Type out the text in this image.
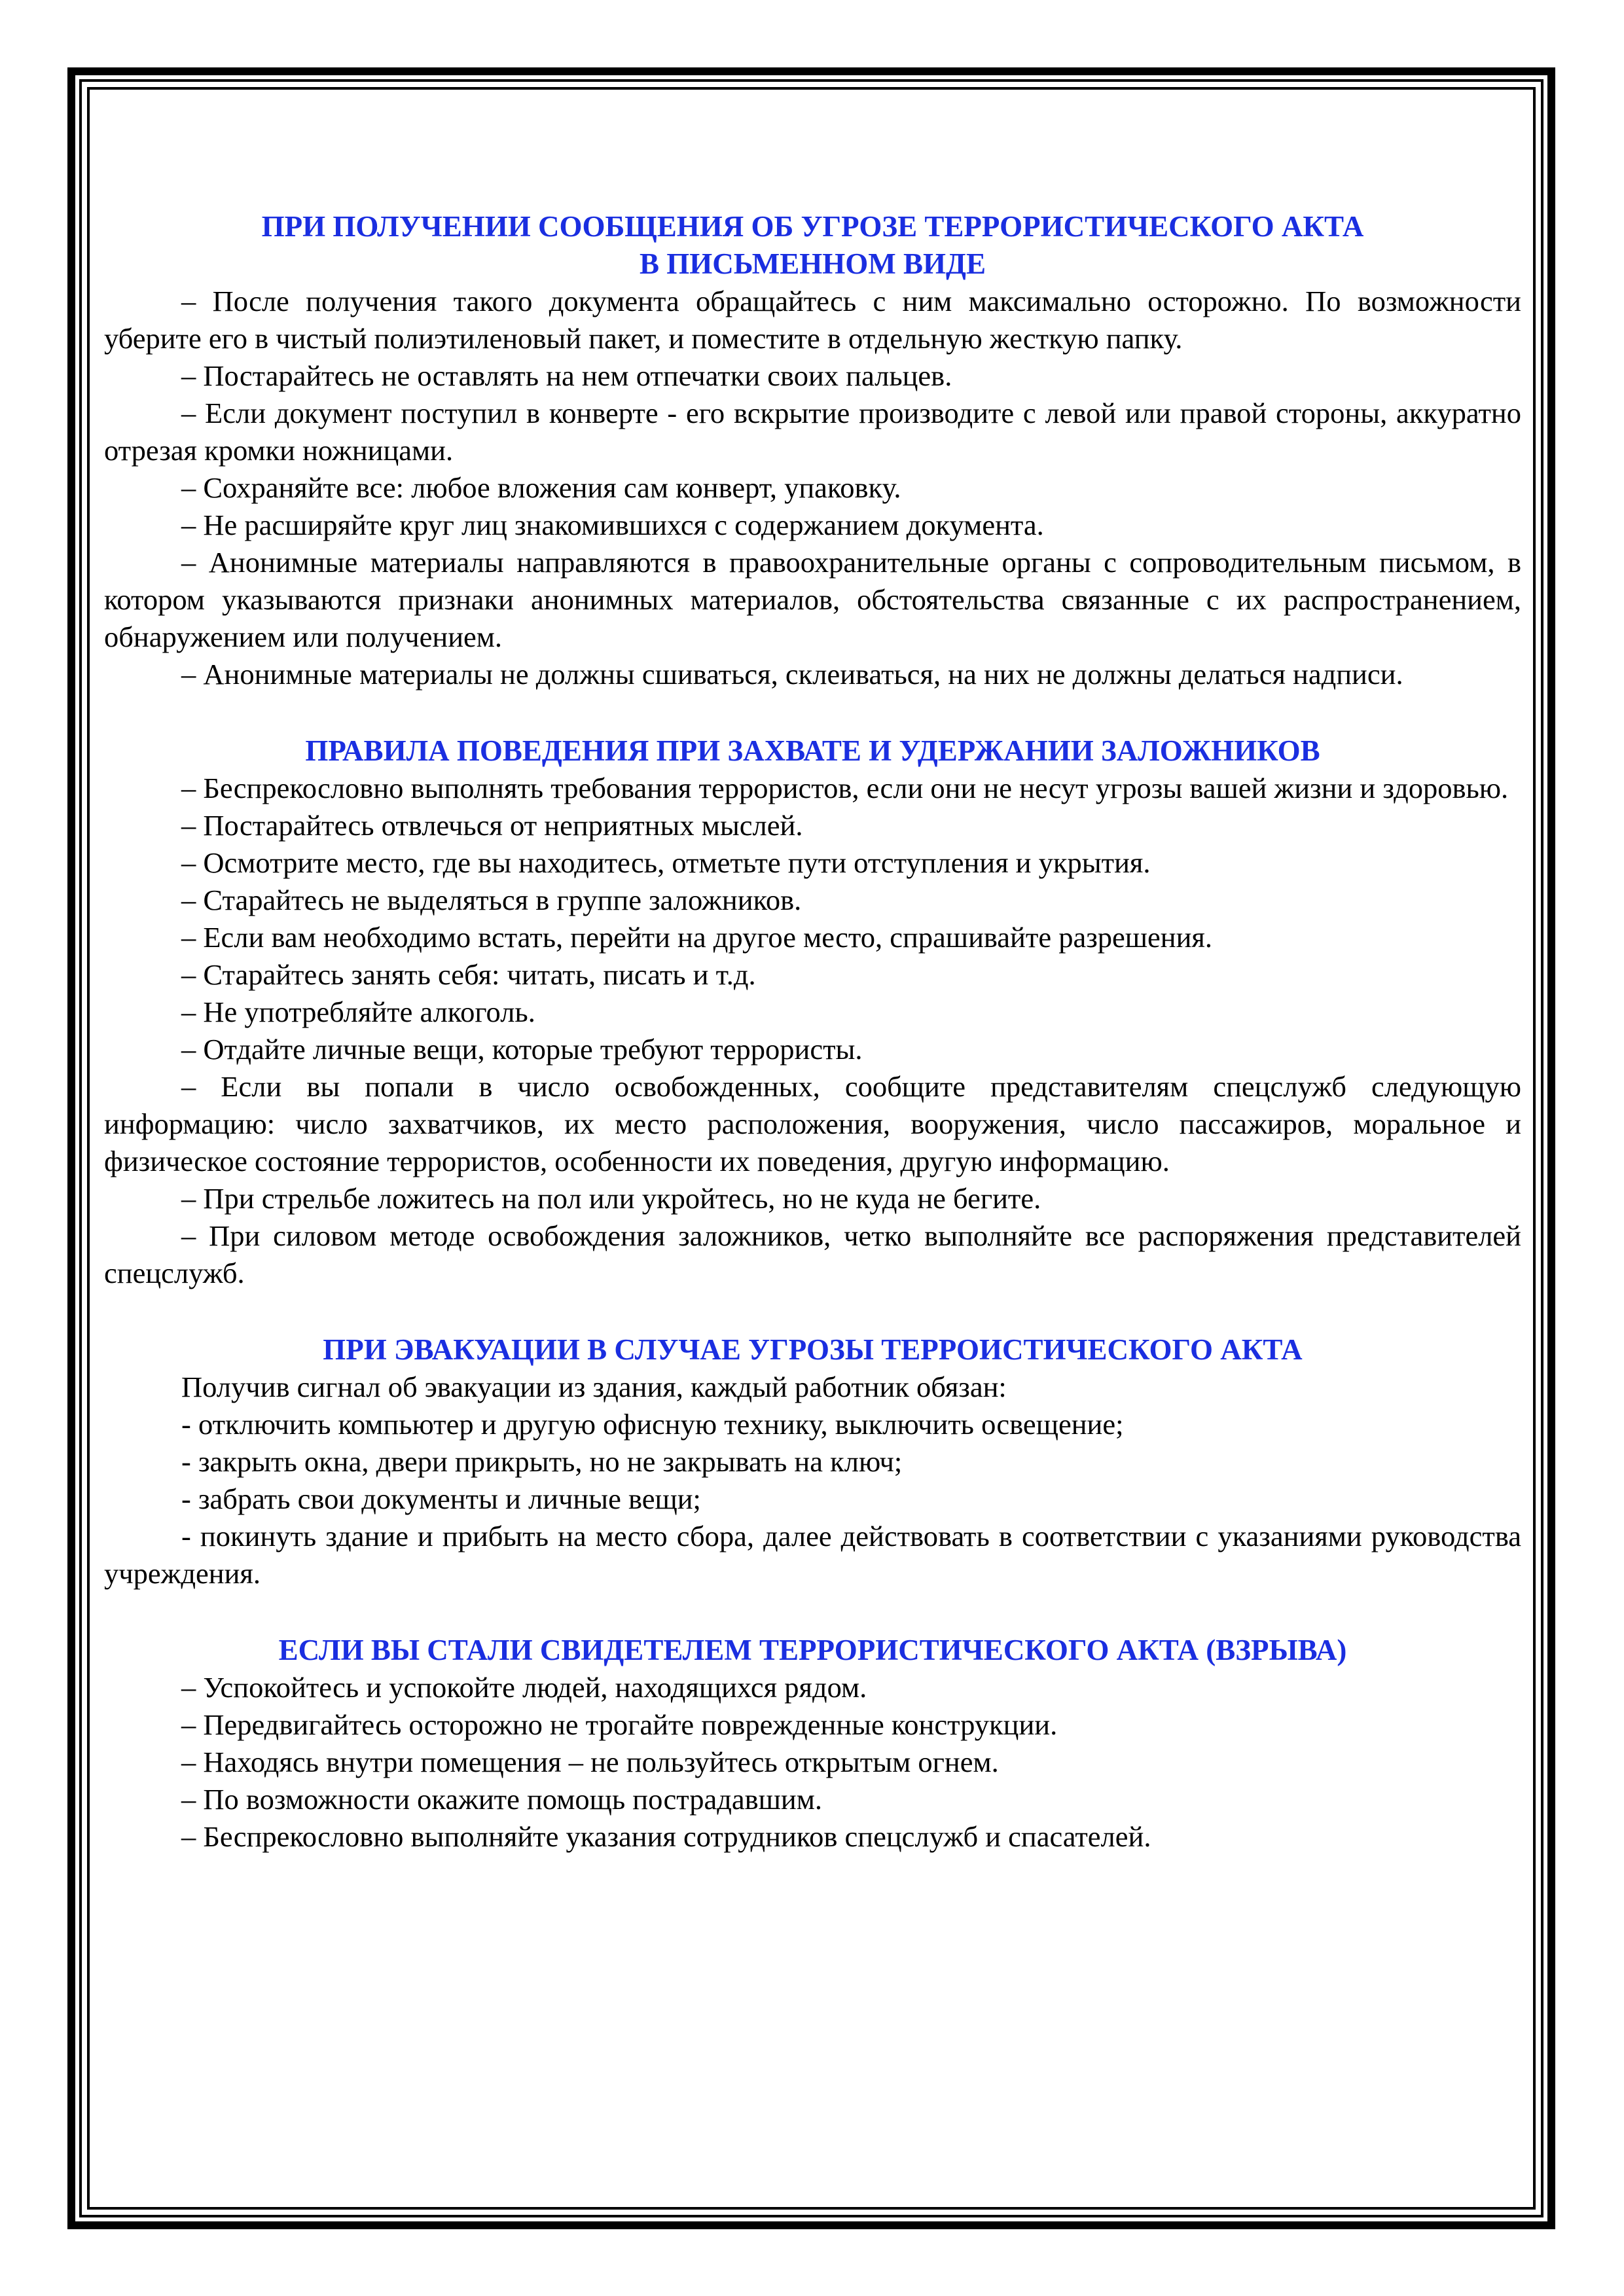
ПРИ ПОЛУЧЕНИИ СООБЩЕНИЯ ОБ УГРОЗЕ ТЕРРОРИСТИЧЕСКОГО АКТА
В ПИСЬМЕННОМ ВИДЕ

– После получения такого документа обращайтесь с ним максимально осторожно. По возможности уберите его в чистый полиэтиленовый пакет, и поместите в отдельную жесткую папку.

– Постарайтесь не оставлять на нем отпечатки своих пальцев.

– Если документ поступил в конверте - его вскрытие производите с левой или правой стороны, аккуратно отрезая кромки ножницами.

– Сохраняйте все: любое вложения сам конверт, упаковку.

– Не расширяйте круг лиц знакомившихся с содержанием документа.

– Анонимные материалы направляются в правоохранительные органы с сопроводительным письмом, в котором указываются признаки анонимных материалов, обстоятельства связанные с их распространением, обнаружением или получением.

– Анонимные материалы не должны сшиваться, склеиваться, на них не должны делаться надписи.

ПРАВИЛА ПОВЕДЕНИЯ ПРИ ЗАХВАТЕ И УДЕРЖАНИИ ЗАЛОЖНИКОВ

– Беспрекословно выполнять требования террористов, если они не несут угрозы вашей жизни и здоровью.

– Постарайтесь отвлечься от неприятных мыслей.

– Осмотрите место, где вы находитесь, отметьте пути отступления и укрытия.

– Старайтесь не выделяться в группе заложников.

– Если вам необходимо встать, перейти на другое место, спрашивайте разрешения.

– Старайтесь занять себя: читать, писать и т.д.

– Не употребляйте алкоголь.

– Отдайте личные вещи, которые требуют террористы.

– Если вы попали в число освобожденных, сообщите представителям спецслужб следующую информацию: число захватчиков, их место расположения, вооружения, число пассажиров, моральное и физическое состояние террористов, особенности их поведения, другую информацию.

– При стрельбе ложитесь на пол или укройтесь, но не куда не бегите.

– При силовом методе освобождения заложников, четко выполняйте все распоряжения представителей спецслужб.

ПРИ ЭВАКУАЦИИ В СЛУЧАЕ УГРОЗЫ ТЕРРОИСТИЧЕСКОГО АКТА

Получив сигнал об эвакуации из здания, каждый работник обязан:

- отключить компьютер и другую офисную технику, выключить освещение;

- закрыть окна, двери прикрыть, но не закрывать на ключ;

- забрать свои документы и личные вещи;

- покинуть здание и прибыть на место сбора, далее действовать в соответствии с указаниями руководства учреждения.

ЕСЛИ ВЫ СТАЛИ СВИДЕТЕЛЕМ ТЕРРОРИСТИЧЕСКОГО АКТА (ВЗРЫВА)

– Успокойтесь и успокойте людей, находящихся рядом.

– Передвигайтесь осторожно не трогайте поврежденные конструкции.

– Находясь внутри помещения – не пользуйтесь открытым огнем.

– По возможности окажите помощь пострадавшим.

– Беспрекословно выполняйте указания сотрудников спецслужб и спасателей.
